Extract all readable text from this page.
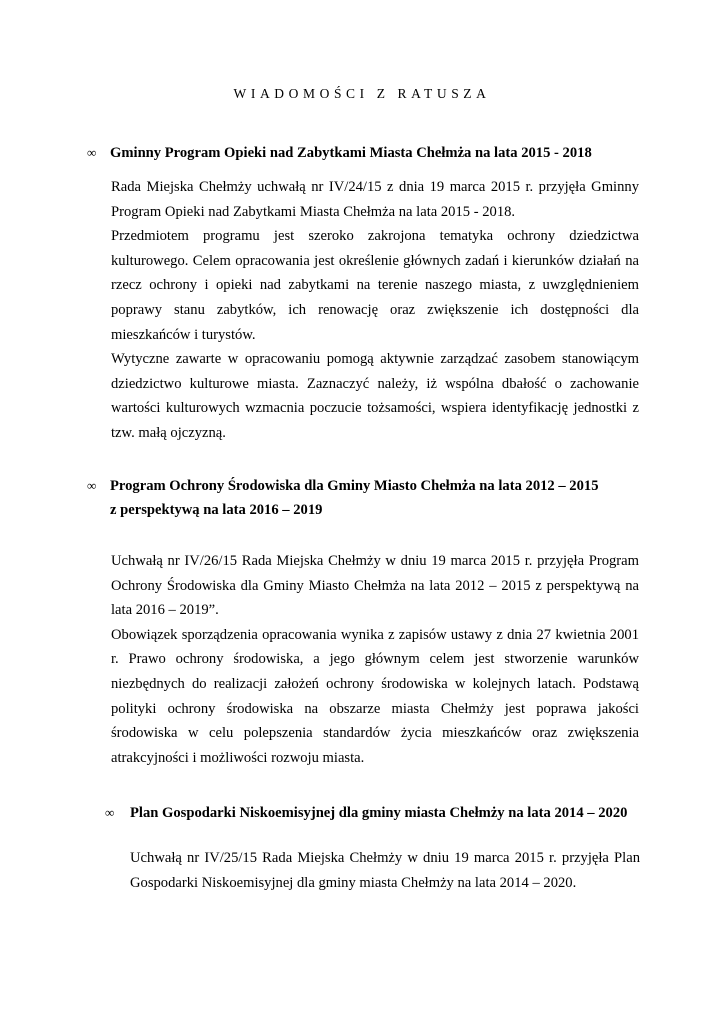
WIADOMOŚCI Z RATUSZA
∞ Gminny Program Opieki nad Zabytkami Miasta Chełmża na lata 2015 - 2018

Rada Miejska Chełmży uchwałą nr IV/24/15 z dnia 19 marca 2015 r. przyjęła Gminny Program Opieki nad Zabytkami Miasta Chełmża na lata 2015 - 2018.

Przedmiotem programu jest szeroko zakrojona tematyka ochrony dziedzictwa kulturowego. Celem opracowania jest określenie głównych zadań i kierunków działań na rzecz ochrony i opieki nad zabytkami na terenie naszego miasta, z uwzględnieniem poprawy stanu zabytków, ich renowację oraz zwiększenie ich dostępności dla mieszkańców i turystów.

Wytyczne zawarte w opracowaniu pomogą aktywnie zarządzać zasobem stanowiącym dziedzictwo kulturowe miasta. Zaznaczyć należy, iż wspólna dbałość o zachowanie wartości kulturowych wzmacnia poczucie tożsamości, wspiera identyfikację jednostki z tzw. małą ojczyzną.

∞ Program Ochrony Środowiska dla Gminy Miasto Chełmża na lata 2012 – 2015
z perspektywą na lata 2016 – 2019

Uchwałą nr IV/26/15 Rada Miejska Chełmży w dniu 19 marca 2015 r. przyjęła Program Ochrony Środowiska dla Gminy Miasto Chełmża na lata 2012 – 2015 z perspektywą na lata 2016 – 2019”.

Obowiązek sporządzenia opracowania wynika z zapisów ustawy z dnia 27 kwietnia 2001 r. Prawo ochrony środowiska, a jego głównym celem jest stworzenie warunków niezbędnych do realizacji założeń ochrony środowiska w kolejnych latach. Podstawą polityki ochrony środowiska na obszarze miasta Chełmży jest poprawa jakości środowiska w celu polepszenia standardów życia mieszkańców oraz zwiększenia atrakcyjności i możliwości rozwoju miasta.

∞ Plan Gospodarki Niskoemisyjnej dla gminy miasta Chełmży na lata 2014 – 2020

Uchwałą nr IV/25/15 Rada Miejska Chełmży w dniu 19 marca 2015 r. przyjęła Plan Gospodarki Niskoemisyjnej dla gminy miasta Chełmży na lata 2014 – 2020.
